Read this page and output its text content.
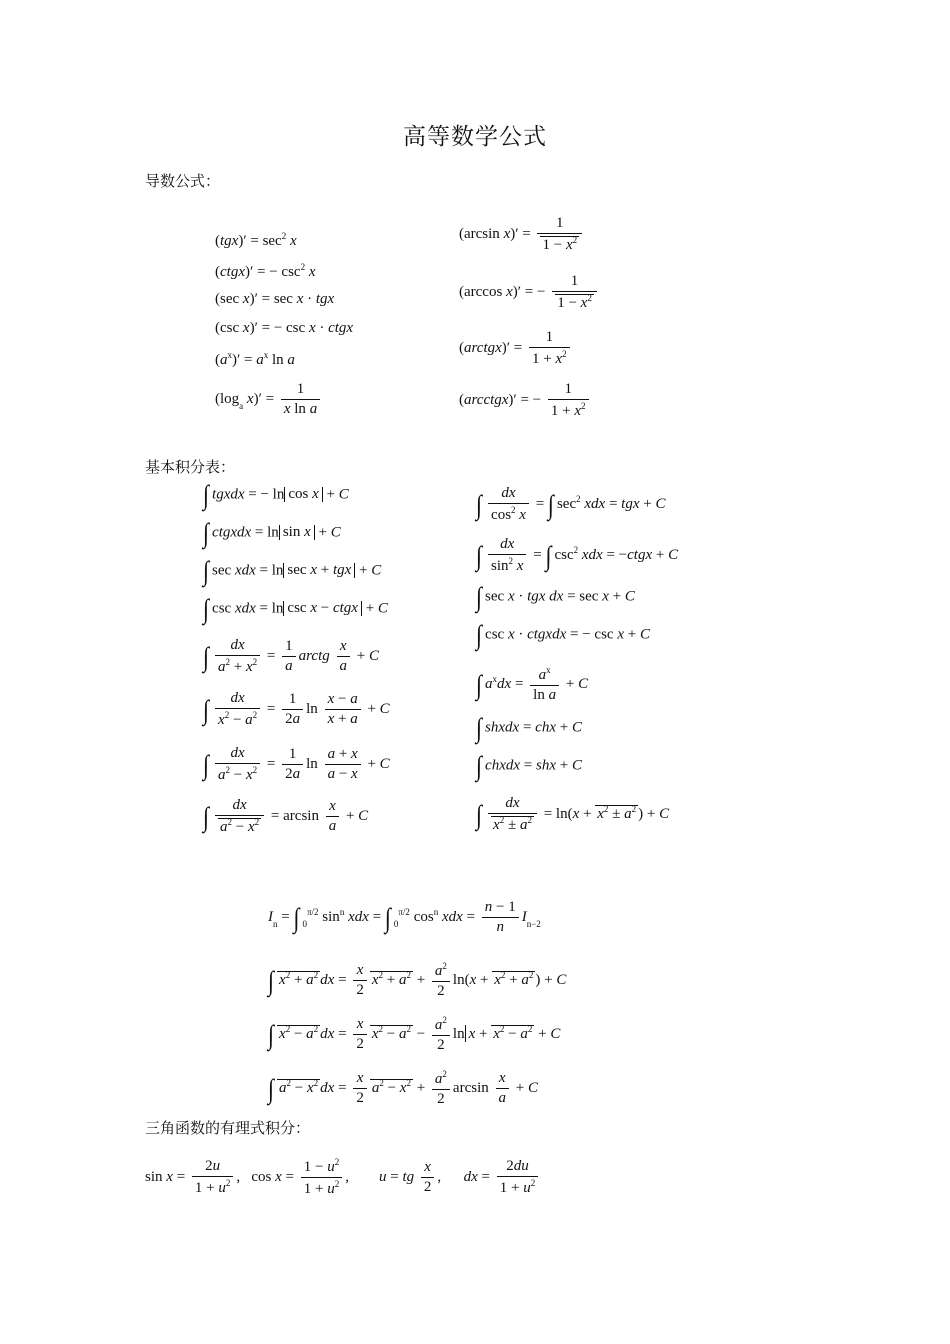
高等数学公式
导数公式：
$(tgx)' = \sec^2 x$
(ctgx)′ = − $\csc^2 x$
(sec x)′ = sec x · tgx
(csc x)′ = − csc x · ctgx
$(a^x)' = a^x$ ln a
($\log_a$ $x)' = \frac{1}{\text{x ln a}}$
(arcsin $x)' = \frac{1}{1 - x^2}$
(arccos x)′ = − $\frac{1}{1 - x^2}$
(arctgx)′ = $\frac{1}{1 + x^2}$
(arcctgx)′ = − $\frac{1}{1 + x^2}$
基本积分表：
∫ tgxdx = − ln cos x + C
∫ ctgxdx = ln sin x + C
∫ sec xdx = ln sec x + tgx + C
∫ csc xdx = ln csc x − ctgx + C
∫ $\frac{dx}{a^2 + x^2} = \frac{1}{a}$ arctg $\frac{x}{a} + C$
∫ $\frac{dx}{x^2 - a^2} = \frac{1}{2a}$ $\ln \frac{x - a}{x + a} + C$
∫ $\frac{dx}{a^2 - x^2} = \frac{1}{2a}$ $\ln \frac{a + x}{a - x} + C$
∫ $\frac{dx}{a^2 - x^2} = \arcsin \frac{x}{a} + C$
∫ $\frac{dx}{\cos^2 x}$ = ∫ $\sec^2$ xdx = tgx + C
∫ $\frac{dx}{\sin^2 x}$ = ∫ $\csc^2$ xdx = −ctgx + C
∫ sec x · tgx dx = sec x + C
∫ csc x · ctgxdx = − csc x + C
∫ $a^xdx = \frac{a^x}{\text{ln a}} + C$
∫ shxdx = chx + C
∫ chxdx = shx + C
∫ $\frac{dx}{x^2 \pm a^2} = \ln(x + x^2 \pm a^2$ ) + C
$I_n$ = ∫ $_0^{\pi/2}$ $\sin^n$ xdx = ∫ $_0^{\pi/2}$ $\cos^n$ xdx = $\frac{n - 1}{n} I_{n-2}$
∫ $x^2 + a^2$ dx = $\frac{x}{2} x^2 + a^2 + \frac{a^2}{2} \ln(x + x^2 + a^2$ ) + C
∫ $x^2 - a^2$ dx = $\frac{x}{2} x^2 - a^2 - \frac{a^2}{2}$ $\ln x + x^2 - a^2 + C$
∫ $a^2 - x^2$ dx = $\frac{x}{2} a^2 - x^2 + \frac{a^2}{2}$ $\arcsin \frac{x}{a} + C$
三角函数的有理式积分：
$\sin x = \frac{2u}{1 + u^2}$ ,   $\cos x = \frac{1 - u^2}{1 + u^2}$ ,        u = tg $\frac{x}{2}$ ,      dx = $\frac{2du}{1 + u^2}$
